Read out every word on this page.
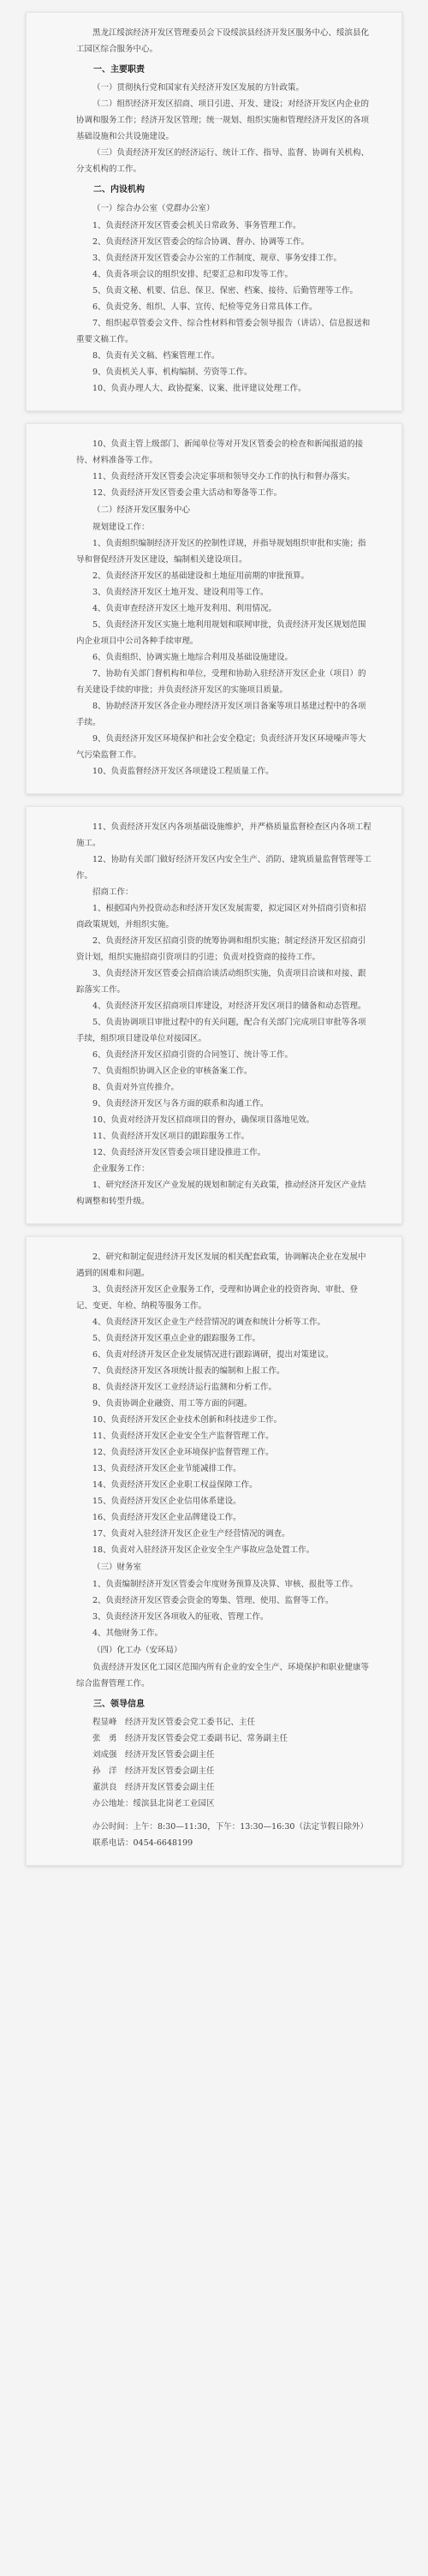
黑龙江绥滨经济开发区管理委员会下设绥滨县经济开发区服务中心、绥滨县化工园区综合服务中心。

一、主要职责

（一）贯彻执行党和国家有关经济开发区发展的方针政策。

（二）组织经济开发区招商、项目引进、开发、建设；对经济开发区内企业的协调和服务工作；经济开发区管理；统一规划、组织实施和管理经济开发区的各项基础设施和公共设施建设。

（三）负责经济开发区的经济运行、统计工作、指导、监督、协调有关机构、分支机构的工作。

二、内设机构

（一）综合办公室（党群办公室）

1、负责经济开发区管委会机关日常政务、事务管理工作。

2、负责经济开发区管委会的综合协调、督办、协调等工作。

3、负责经济开发区管委会办公室的工作制度、规章、事务安排工作。

4、负责各项会议的组织安排、纪要汇总和印发等工作。

5、负责文秘、机要、信息、保卫、保密、档案、接待、后勤管理等工作。

6、负责党务、组织、人事、宣传、纪检等党务日常具体工作。

7、组织起草管委会文件、综合性材料和管委会领导报告（讲话）、信息报送和重要文稿工作。

8、负责有关文稿、档案管理工作。

9、负责机关人事、机构编制、劳资等工作。

10、负责办理人大、政协提案、议案、批评建议处理工作。

10、负责主管上级部门、新闻单位等对开发区管委会的检查和新闻报道的接待、材料准备等工作。

11、负责经济开发区管委会决定事项和领导交办工作的执行和督办落实。

12、负责经济开发区管委会重大活动和筹备等工作。

（二）经济开发区服务中心

规划建设工作：

1、负责组织编制经济开发区的控制性详规，并指导规划组织审批和实施；指导和督促经济开发区建设，编制相关建设项目。

2、负责经济开发区的基础建设和土地征用前期的审批预算。

3、负责经济开发区土地开发、建设利用等工作。

4、负责审查经济开发区土地开发利用、利用情况。

5、负责经济开发区实施土地利用规划和联网审批，负责经济开发区规划范围内企业项目中公司各种手续审理。

6、负责组织、协调实施土地综合利用及基础设施建设。

7、协助有关部门督机构和单位，受理和协助入驻经济开发区企业（项目）的有关建设手续的审批；并负责经济开发区的实施项目质量。

8、协助经济开发区各企业办理经济开发区项目备案等项目基建过程中的各项手续。

9、负责经济开发区环境保护和社会安全稳定；负责经济开发区环境噪声等大气污染监督工作。

10、负责监督经济开发区各项建设工程质量工作。

11、负责经济开发区内各项基础设施维护，并严格质量监督检查区内各项工程施工。

12、协助有关部门做好经济开发区内安全生产、消防、建筑质量监督管理等工作。

招商工作：

1、根据国内外投资动态和经济开发区发展需要，拟定园区对外招商引资和招商政策规划，并组织实施。

2、负责经济开发区招商引资的统筹协调和组织实施；制定经济开发区招商引资计划，组织实施招商引资项目的引进；负责对投资商的接待工作。

3、负责经济开发区管委会招商洽谈活动组织实施，负责项目洽谈和对接、跟踪落实工作。

4、负责经济开发区招商项目库建设，对经济开发区项目的储备和动态管理。

5、负责协调项目审批过程中的有关问题，配合有关部门完成项目审批等各项手续，组织项目建设单位对接园区。

6、负责经济开发区招商引资的合同签订、统计等工作。

7、负责组织协调入区企业的审核备案工作。

8、负责对外宣传推介。

9、负责经济开发区与各方面的联系和沟通工作。

10、负责对经济开发区招商项目的督办，确保项目落地见效。

11、负责经济开发区项目的跟踪服务工作。

12、负责经济开发区管委会项目建设推进工作。

企业服务工作：

1、研究经济开发区产业发展的规划和制定有关政策，推动经济开发区产业结构调整和转型升级。

2、研究和制定促进经济开发区发展的相关配套政策，协调解决企业在发展中遇到的困难和问题。

3、负责经济开发区企业服务工作，受理和协调企业的投资咨询、审批、登记、变更、年检、纳税等服务工作。

4、负责经济开发区企业生产经营情况的调查和统计分析等工作。

5、负责经济开发区重点企业的跟踪服务工作。

6、负责对经济开发区企业发展情况进行跟踪调研，提出对策建议。

7、负责经济开发区各项统计报表的编制和上报工作。

8、负责经济开发区工业经济运行监测和分析工作。

9、负责协调企业融资、用工等方面的问题。

10、负责经济开发区企业技术创新和科技进步工作。

11、负责经济开发区企业安全生产监督管理工作。

12、负责经济开发区企业环境保护监督管理工作。

13、负责经济开发区企业节能减排工作。

14、负责经济开发区企业职工权益保障工作。

15、负责经济开发区企业信用体系建设。

16、负责经济开发区企业品牌建设工作。

17、负责对入驻经济开发区企业生产经营情况的调查。

18、负责对入驻经济开发区企业安全生产事故应急处置工作。

（三）财务室

1、负责编制经济开发区管委会年度财务预算及决算、审核、报批等工作。

2、负责经济开发区管委会资金的筹集、管理、使用、监督等工作。

3、负责经济开发区各项收入的征收、管理工作。

4、其他财务工作。

（四）化工办（安环局）

负责经济开发区化工园区范围内所有企业的安全生产、环境保护和职业健康等综合监督管理工作。

三、领导信息

程显峰　经济开发区管委会党工委书记、主任

张　勇　经济开发区管委会党工委副书记、常务副主任

刘成强　经济开发区管委会副主任

孙　洋　经济开发区管委会副主任

董洪良　经济开发区管委会副主任

办公地址：绥滨县北岗老工业园区

办公时间：上午：8:30—11:30，下午：13:30—16:30（法定节假日除外）

联系电话：0454-6648199
